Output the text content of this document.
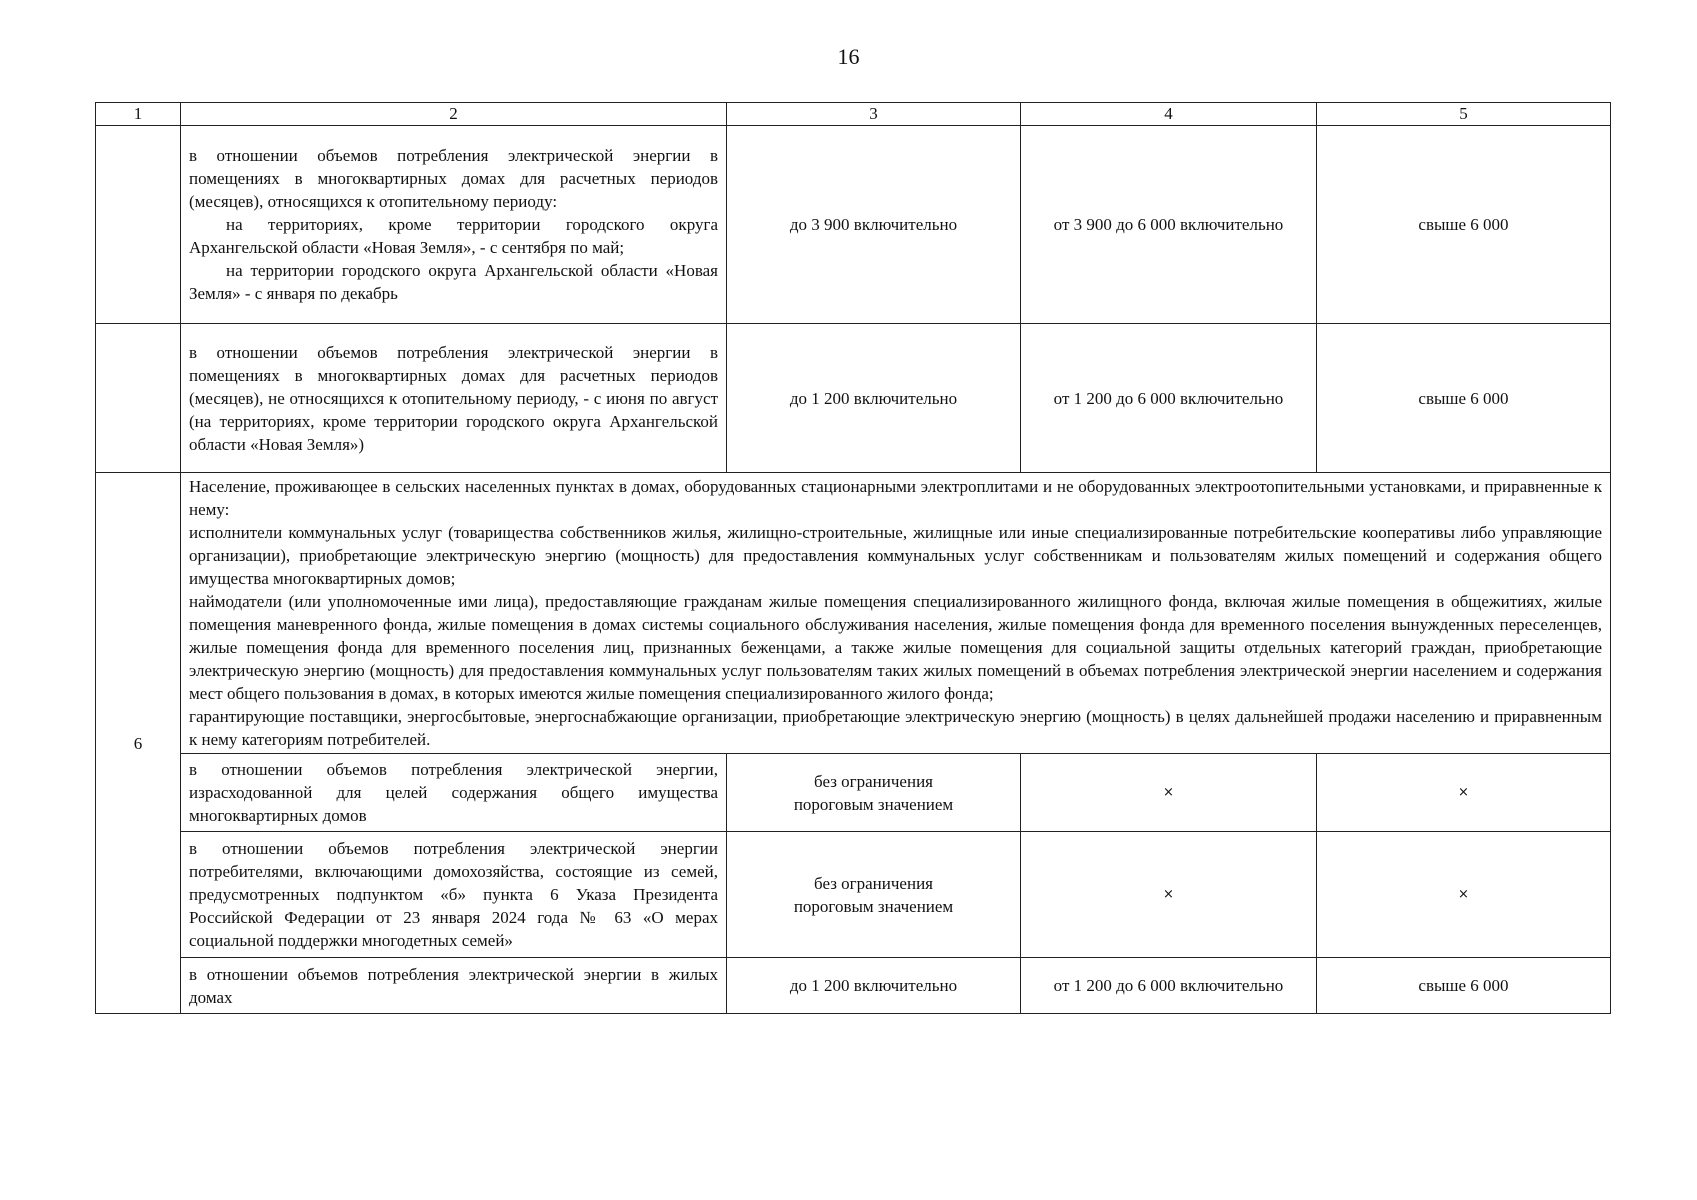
16
1	2	3	4	5

	в отношении объемов потребления электрической энергии в помещениях в многоквартирных домах для расчетных периодов (месяцев), относящихся к отопительному периоду:

на территориях, кроме территории городского округа Архангельской области «Новая Земля», - с сентября по май;

на территории городского округа Архангельской области «Новая Земля» - с января по декабрь	до 3 900 включительно	от 3 900 до 6 000 включительно	свыше 6 000

	в отношении объемов потребления электрической энергии в помещениях в многоквартирных домах для расчетных периодов (месяцев), не относящихся к отопительному периоду, - с июня по август (на территориях, кроме территории городского округа Архангельской области «Новая Земля»)	до 1 200 включительно	от 1 200 до 6 000 включительно	свыше 6 000
6	Население, проживающее в сельских населенных пунктах в домах, оборудованных стационарными электроплитами и не оборудованных электроотопительными установками, и приравненные к нему:

исполнители коммунальных услуг (товарищества собственников жилья, жилищно-строительные, жилищные или иные специализированные потребительские кооперативы либо управляющие организации), приобретающие электрическую энергию (мощность) для предоставления коммунальных услуг собственникам и пользователям жилых помещений и содержания общего имущества многоквартирных домов;

наймодатели (или уполномоченные ими лица), предоставляющие гражданам жилые помещения специализированного жилищного фонда, включая жилые помещения в общежитиях, жилые помещения маневренного фонда, жилые помещения в домах системы социального обслуживания населения, жилые помещения фонда для временного поселения вынужденных переселенцев, жилые помещения фонда для временного поселения лиц, признанных беженцами, а также жилые помещения для социальной защиты отдельных категорий граждан, приобретающие электрическую энергию (мощность) для предоставления коммунальных услуг пользователям таких жилых помещений в объемах потребления электрической энергии населением и содержания мест общего пользования в домах, в которых имеются жилые помещения специализированного жилого фонда;

гарантирующие поставщики, энергосбытовые, энергоснабжающие организации, приобретающие электрическую энергию (мощность) в целях дальнейшей продажи населению и приравненным к нему категориям потребителей.			

	в отношении объемов потребления электрической энергии, израсходованной для целей содержания общего имущества многоквартирных домов	без ограничения
пороговым значением	×	×

	в отношении объемов потребления электрической энергии потребителями, включающими домохозяйства, состоящие из семей, предусмотренных подпунктом «б» пункта 6 Указа Президента Российской Федерации от 23 января 2024 года № 63 «О мерах социальной поддержки многодетных семей»	без ограничения
пороговым значением	×	×

	в отношении объемов потребления электрической энергии в жилых домах	до 1 200 включительно	от 1 200 до 6 000 включительно	свыше 6 000
